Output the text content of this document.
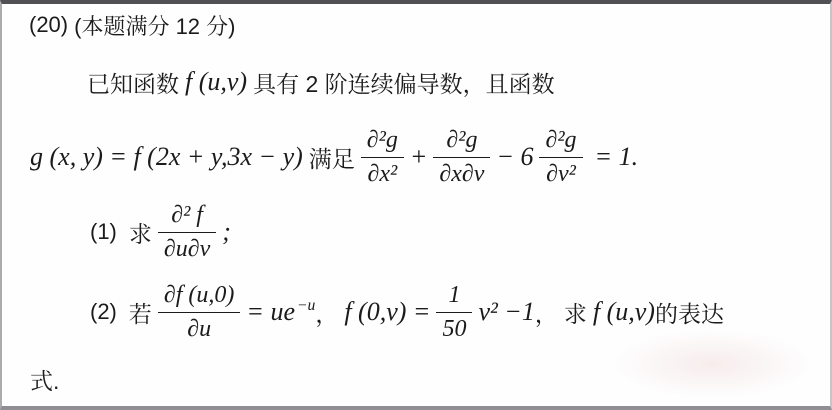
(20) (本题满分 12 分)
已知函数 f (u,v) 具有 2 阶连续偏导数，且函数
g (x, y) = f (2x + y,3x − y) 满足 $\frac{\text{∂²g}}{\text{∂x²}} + \frac{\text{∂²g}}{\partial x\partial v} - 6 \frac{\text{∂²g}}{\text{∂v²}} = 1$.
(1) 求 $\frac{\text{∂² f}}{\partial u\partial v}$ ;
(2) 若 $\frac{\partial f (u,0)}{\partial u}$ = ue $^{-u}$ ， f $(0,v) = \frac{1}{50} v^2 -1$ ， 求 f (u,v) 的表达
式.
